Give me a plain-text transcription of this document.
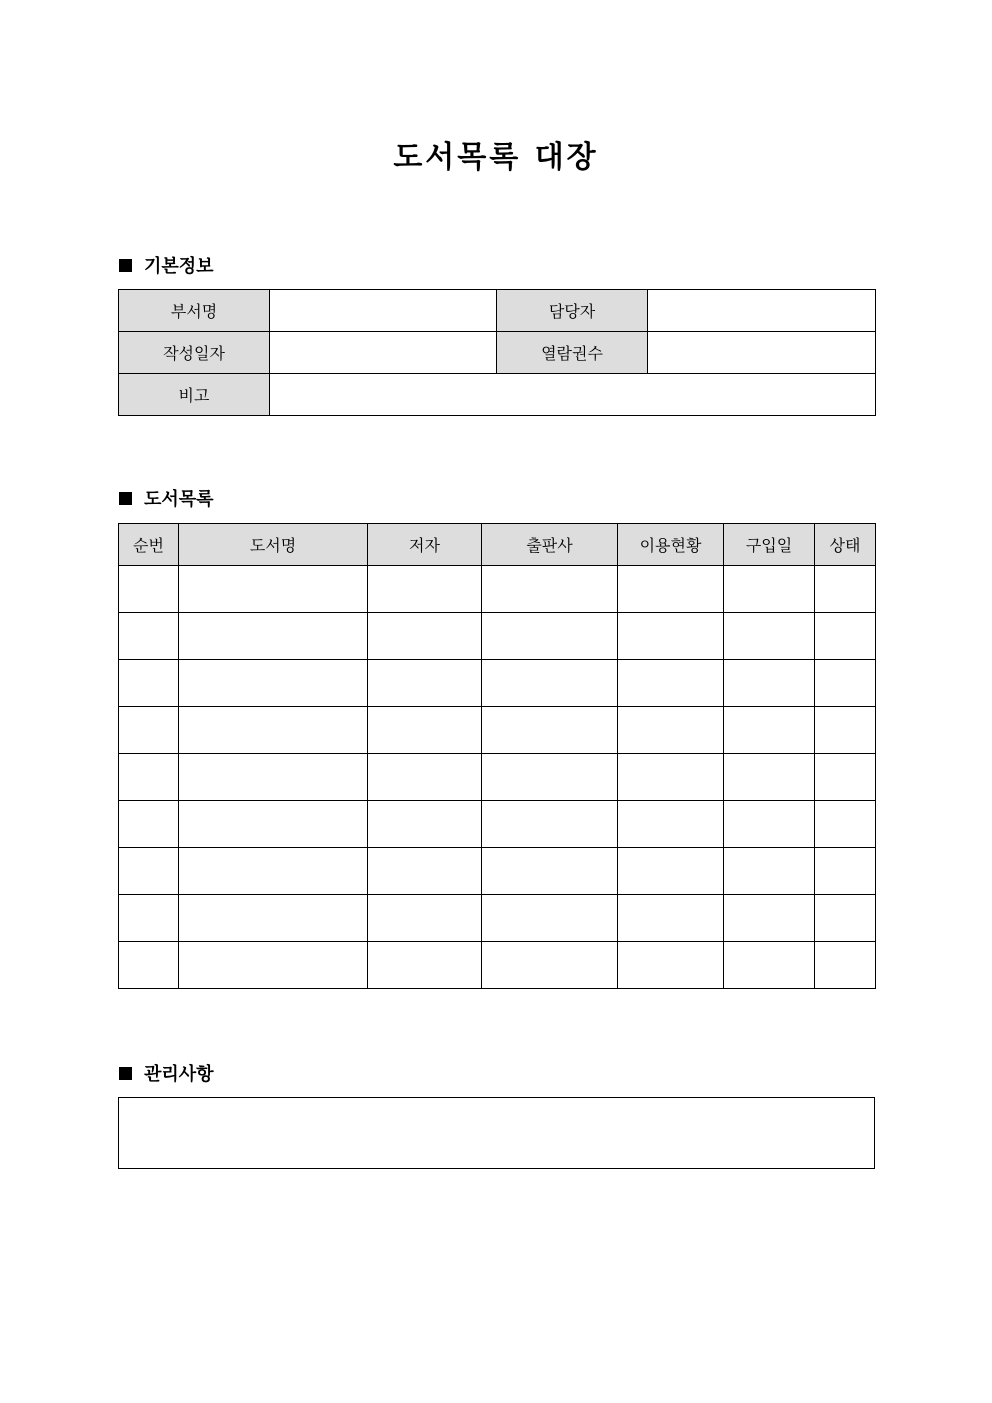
도서목록 대장
기본정보
부서명		담당자	
작성일자		열람권수	
비고			
도서목록
순번	도서명	저자	출판사	이용현황	구입일	상태

관리사항
